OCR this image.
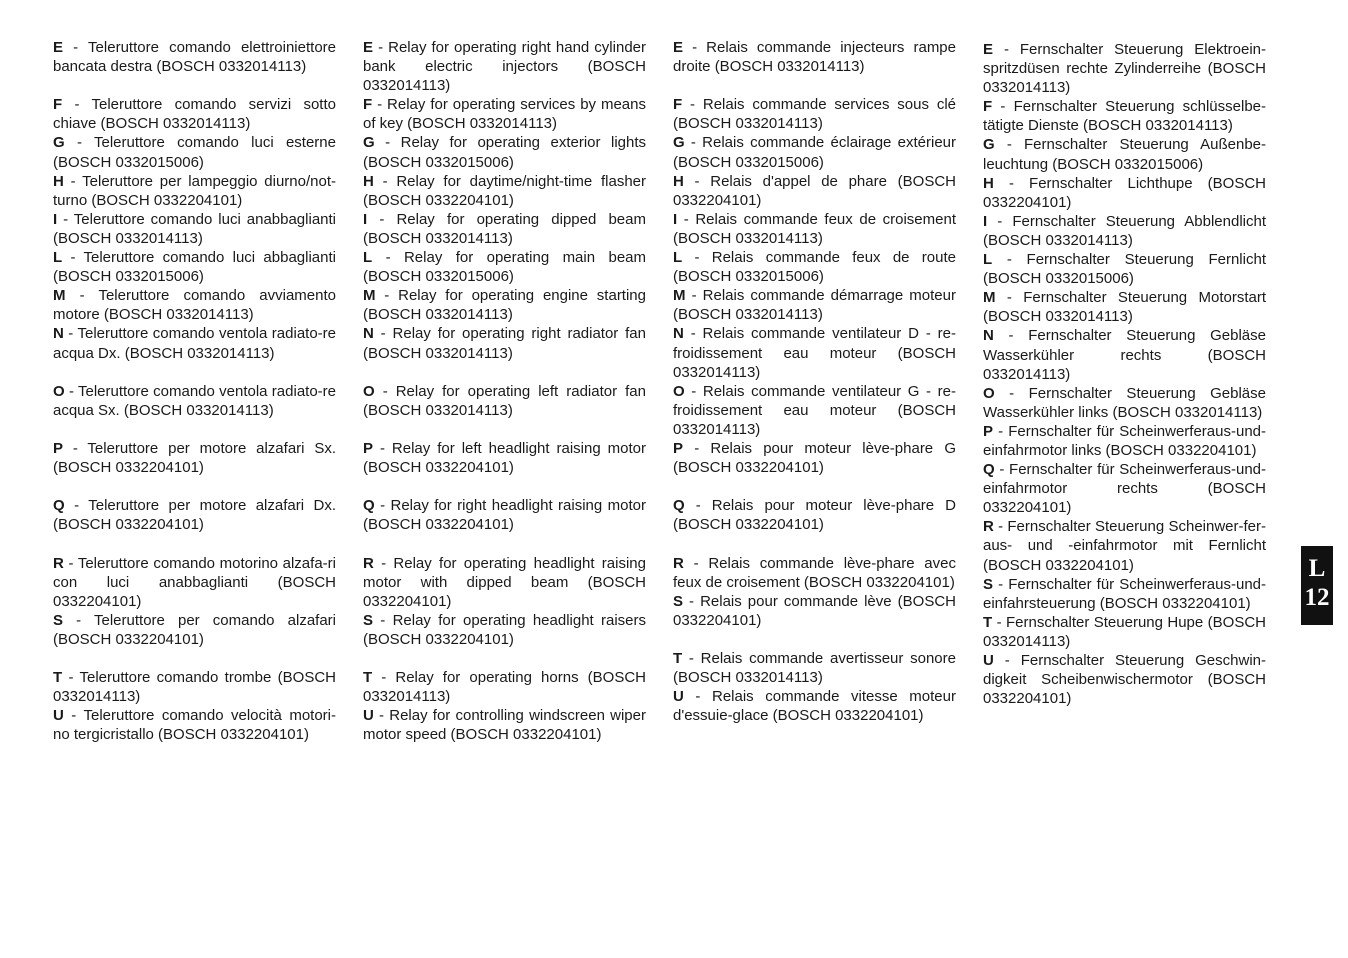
E - Teleruttore comando elettroiniettore bancata destra (BOSCH 0332014113)

F - Teleruttore comando servizi sotto chiave (BOSCH 0332014113)

G - Teleruttore comando luci esterne (BOSCH 0332015006)

H - Teleruttore per lampeggio diurno/not-turno (BOSCH 0332204101)

I - Teleruttore comando luci anabbaglianti (BOSCH 0332014113)

L - Teleruttore comando luci abbaglianti (BOSCH 0332015006)

M - Teleruttore comando avviamento motore (BOSCH 0332014113)

N - Teleruttore comando ventola radiato-re acqua Dx. (BOSCH 0332014113)

O - Teleruttore comando ventola radiato-re acqua Sx. (BOSCH 0332014113)

P - Teleruttore per motore alzafari Sx. (BOSCH 0332204101)

Q - Teleruttore per motore alzafari Dx. (BOSCH 0332204101)

R - Teleruttore comando motorino alzafa-ri con luci anabbaglianti (BOSCH 0332204101)

S - Teleruttore per comando alzafari (BOSCH 0332204101)

T - Teleruttore comando trombe (BOSCH 0332014113)

U - Teleruttore comando velocità motori-no tergicristallo (BOSCH 0332204101)

E - Relay for operating right hand cylinder bank electric injectors (BOSCH 0332014113)

F - Relay for operating services by means of key (BOSCH 0332014113)

G - Relay for operating exterior lights (BOSCH 0332015006)

H - Relay for daytime/night-time flasher (BOSCH 0332204101)

I - Relay for operating dipped beam (BOSCH 0332014113)

L - Relay for operating main beam (BOSCH 0332015006)

M - Relay for operating engine starting (BOSCH 0332014113)

N - Relay for operating right radiator fan (BOSCH 0332014113)

O - Relay for operating left radiator fan (BOSCH 0332014113)

P - Relay for left headlight raising motor (BOSCH 0332204101)

Q - Relay for right headlight raising motor (BOSCH 0332204101)

R - Relay for operating headlight raising motor with dipped beam (BOSCH 0332204101)

S - Relay for operating headlight raisers (BOSCH 0332204101)

T - Relay for operating horns (BOSCH 0332014113)

U - Relay for controlling windscreen wiper motor speed (BOSCH 0332204101)

E - Relais commande injecteurs rampe droite (BOSCH 0332014113)

F - Relais commande services sous clé (BOSCH 0332014113)

G - Relais commande éclairage extérieur (BOSCH 0332015006)

H - Relais d'appel de phare (BOSCH 0332204101)

I - Relais commande feux de croisement (BOSCH 0332014113)

L - Relais commande feux de route (BOSCH 0332015006)

M - Relais commande démarrage moteur (BOSCH 0332014113)

N - Relais commande ventilateur D - re-froidissement eau moteur (BOSCH 0332014113)

O - Relais commande ventilateur G - re-froidissement eau moteur (BOSCH 0332014113)

P - Relais pour moteur lève-phare G (BOSCH 0332204101)

Q - Relais pour moteur lève-phare D (BOSCH 0332204101)

R - Relais commande lève-phare avec feux de croisement (BOSCH 0332204101)

S - Relais pour commande lève (BOSCH 0332204101)

T - Relais commande avertisseur sonore (BOSCH 0332014113)

U - Relais commande vitesse moteur d'essuie-glace (BOSCH 0332204101)

E - Fernschalter Steuerung Elektroein-spritzdüsen rechte Zylinderreihe (BOSCH 0332014113)

F - Fernschalter Steuerung schlüsselbe-tätigte Dienste (BOSCH 0332014113)

G - Fernschalter Steuerung Außenbe-leuchtung (BOSCH 0332015006)

H - Fernschalter Lichthupe (BOSCH 0332204101)

I - Fernschalter Steuerung Abblendlicht (BOSCH 0332014113)

L - Fernschalter Steuerung Fernlicht (BOSCH 0332015006)

M - Fernschalter Steuerung Motorstart (BOSCH 0332014113)

N - Fernschalter Steuerung Gebläse Wasserkühler rechts (BOSCH 0332014113)

O - Fernschalter Steuerung Gebläse Wasserkühler links (BOSCH 0332014113)

P - Fernschalter für Scheinwerferaus-und-einfahrmotor links (BOSCH 0332204101)

Q - Fernschalter für Scheinwerferaus-und-einfahrmotor rechts (BOSCH 0332204101)

R - Fernschalter Steuerung Scheinwer-fer-aus- und -einfahrmotor mit Fernlicht (BOSCH 0332204101)

S - Fernschalter für Scheinwerferaus-und-einfahrsteuerung (BOSCH 0332204101)

T - Fernschalter Steuerung Hupe (BOSCH 0332014113)

U - Fernschalter Steuerung Geschwin-digkeit Scheibenwischermotor (BOSCH 0332204101)

L
12
